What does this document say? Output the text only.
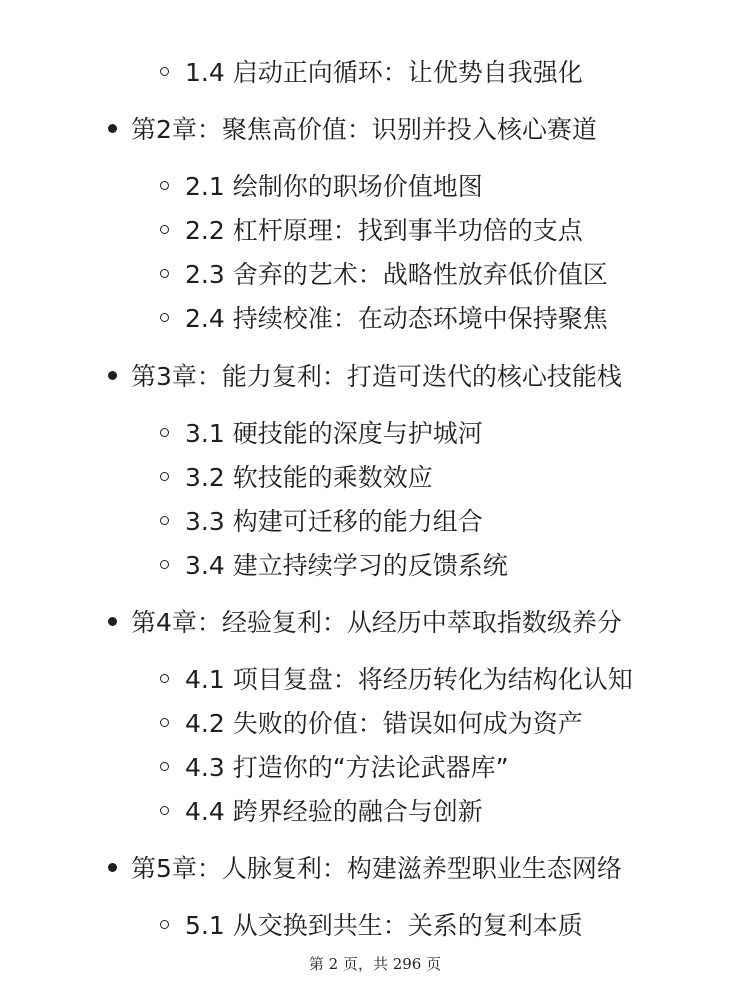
1.4 启动正向循环：让优势自我强化
第2章：聚焦高价值：识别并投入核心赛道
2.1 绘制你的职场价值地图
2.2 杠杆原理：找到事半功倍的支点
2.3 舍弃的艺术：战略性放弃低价值区
2.4 持续校准：在动态环境中保持聚焦
第3章：能力复利：打造可迭代的核心技能栈
3.1 硬技能的深度与护城河
3.2 软技能的乘数效应
3.3 构建可迁移的能力组合
3.4 建立持续学习的反馈系统
第4章：经验复利：从经历中萃取指数级养分
4.1 项目复盘：将经历转化为结构化认知
4.2 失败的价值：错误如何成为资产
4.3 打造你的“方法论武器库”
4.4 跨界经验的融合与创新
第5章：人脉复利：构建滋养型职业生态网络
5.1 从交换到共生：关系的复利本质
第 2 页，共 296 页
